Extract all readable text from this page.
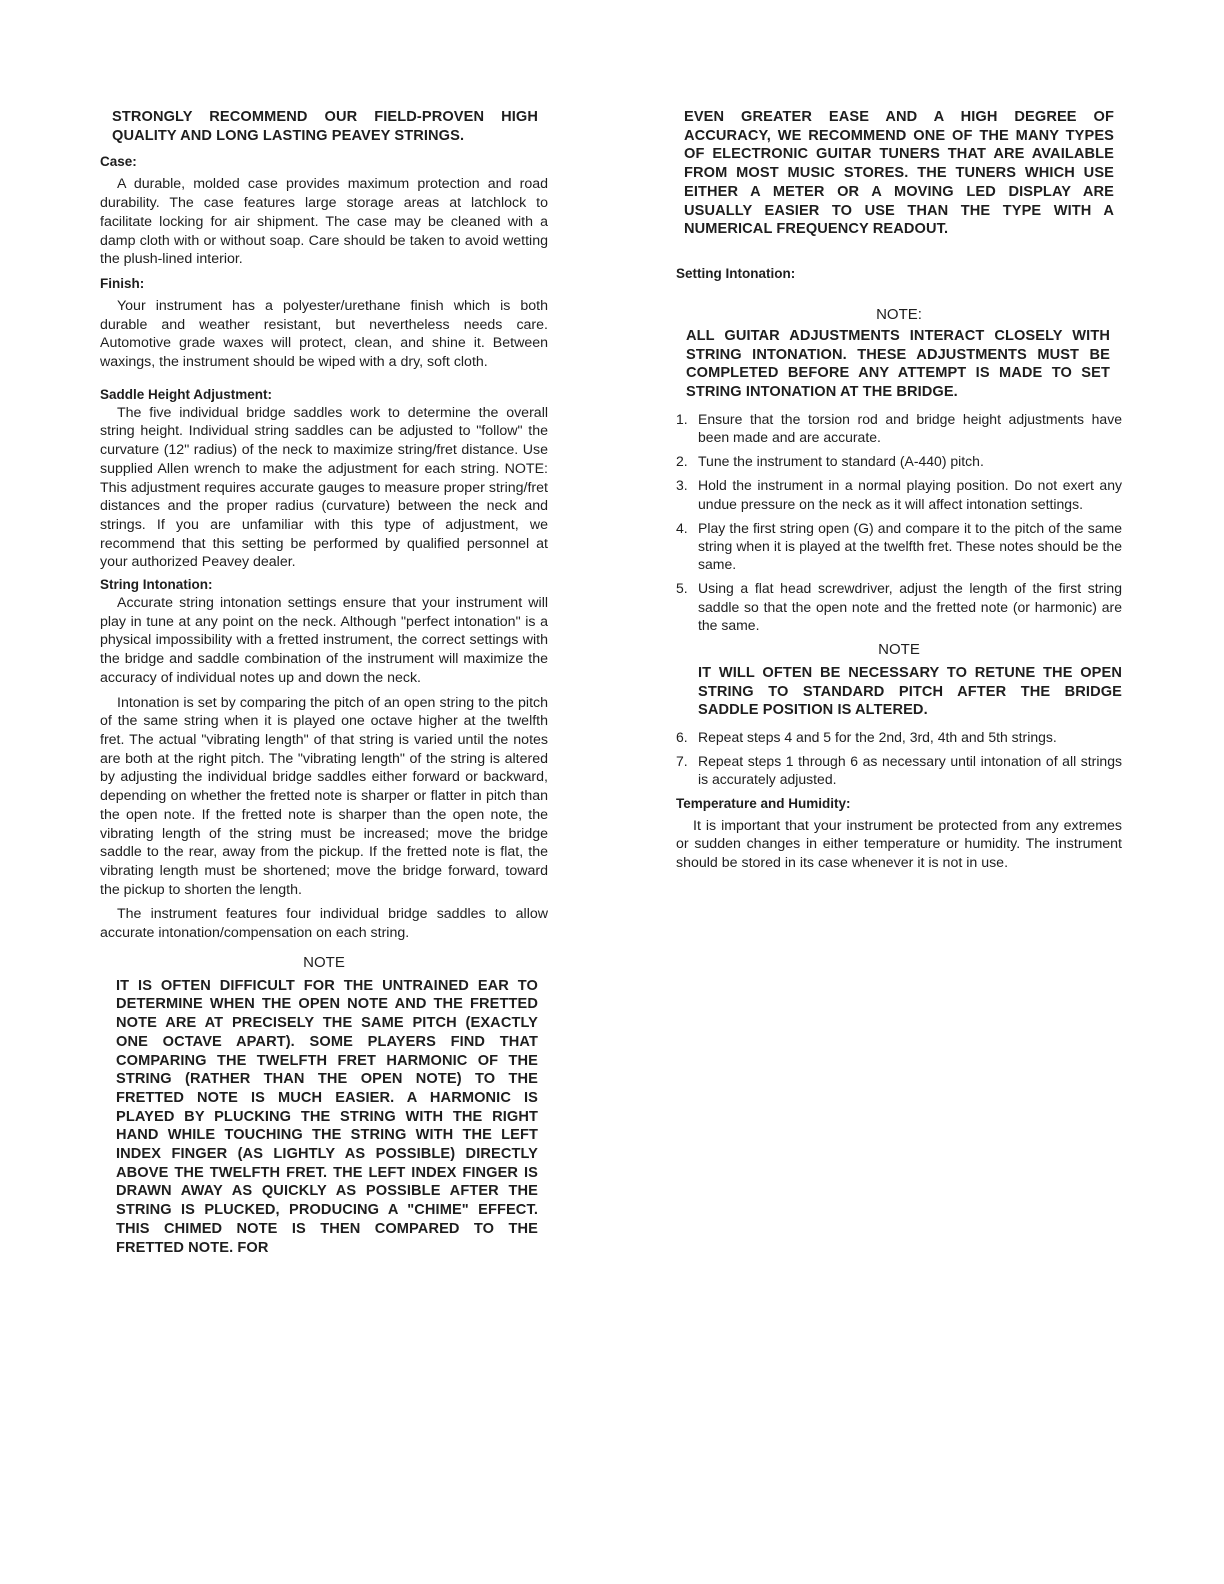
STRONGLY RECOMMEND OUR FIELD-PROVEN HIGH QUALITY AND LONG LASTING PEAVEY STRINGS.

Case:

A durable, molded case provides maximum protection and road durability. The case features large storage areas at latchlock to facilitate locking for air shipment. The case may be cleaned with a damp cloth with or without soap. Care should be taken to avoid wetting the plush-lined interior.

Finish:

Your instrument has a polyester/urethane finish which is both durable and weather resistant, but nevertheless needs care. Automotive grade waxes will protect, clean, and shine it. Between waxings, the instrument should be wiped with a dry, soft cloth.

Saddle Height Adjustment:

The five individual bridge saddles work to determine the overall string height. Individual string saddles can be adjusted to "follow" the curvature (12" radius) of the neck to maximize string/fret distance. Use supplied Allen wrench to make the adjustment for each string. NOTE: This adjustment requires accurate gauges to measure proper string/fret distances and the proper radius (curvature) between the neck and strings. If you are unfamiliar with this type of adjustment, we recommend that this setting be performed by qualified personnel at your authorized Peavey dealer.

String Intonation:

Accurate string intonation settings ensure that your instrument will play in tune at any point on the neck. Although "perfect intonation" is a physical impossibility with a fretted instrument, the correct settings with the bridge and saddle combination of the instrument will maximize the accuracy of individual notes up and down the neck.

Intonation is set by comparing the pitch of an open string to the pitch of the same string when it is played one octave higher at the twelfth fret. The actual "vibrating length" of that string is varied until the notes are both at the right pitch. The "vibrating length" of the string is altered by adjusting the individual bridge saddles either forward or backward, depending on whether the fretted note is sharper or flatter in pitch than the open note. If the fretted note is sharper than the open note, the vibrating length of the string must be increased; move the bridge saddle to the rear, away from the pickup. If the fretted note is flat, the vibrating length must be shortened; move the bridge forward, toward the pickup to shorten the length.

The instrument features four individual bridge saddles to allow accurate intonation/compensation on each string.

NOTE

IT IS OFTEN DIFFICULT FOR THE UNTRAINED EAR TO DETERMINE WHEN THE OPEN NOTE AND THE FRETTED NOTE ARE AT PRECISELY THE SAME PITCH (EXACTLY ONE OCTAVE APART). SOME PLAYERS FIND THAT COMPARING THE TWELFTH FRET HARMONIC OF THE STRING (RATHER THAN THE OPEN NOTE) TO THE FRETTED NOTE IS MUCH EASIER. A HARMONIC IS PLAYED BY PLUCKING THE STRING WITH THE RIGHT HAND WHILE TOUCHING THE STRING WITH THE LEFT INDEX FINGER (AS LIGHTLY AS POSSIBLE) DIRECTLY ABOVE THE TWELFTH FRET. THE LEFT INDEX FINGER IS DRAWN AWAY AS QUICKLY AS POSSIBLE AFTER THE STRING IS PLUCKED, PRODUCING A "CHIME" EFFECT. THIS CHIMED NOTE IS THEN COMPARED TO THE FRETTED NOTE. FOR

EVEN GREATER EASE AND A HIGH DEGREE OF ACCURACY, WE RECOMMEND ONE OF THE MANY TYPES OF ELECTRONIC GUITAR TUNERS THAT ARE AVAILABLE FROM MOST MUSIC STORES. THE TUNERS WHICH USE EITHER A METER OR A MOVING LED DISPLAY ARE USUALLY EASIER TO USE THAN THE TYPE WITH A NUMERICAL FREQUENCY READOUT.

Setting Intonation:

NOTE:

ALL GUITAR ADJUSTMENTS INTERACT CLOSELY WITH STRING INTONATION. THESE ADJUSTMENTS MUST BE COMPLETED BEFORE ANY ATTEMPT IS MADE TO SET STRING INTONATION AT THE BRIDGE.

1. Ensure that the torsion rod and bridge height adjustments have been made and are accurate.
2. Tune the instrument to standard (A-440) pitch.
3. Hold the instrument in a normal playing position. Do not exert any undue pressure on the neck as it will affect intonation settings.
4. Play the first string open (G) and compare it to the pitch of the same string when it is played at the twelfth fret. These notes should be the same.
5. Using a flat head screwdriver, adjust the length of the first string saddle so that the open note and the fretted note (or harmonic) are the same.

NOTE

IT WILL OFTEN BE NECESSARY TO RETUNE THE OPEN STRING TO STANDARD PITCH AFTER THE BRIDGE SADDLE POSITION IS ALTERED.

6. Repeat steps 4 and 5 for the 2nd, 3rd, 4th and 5th strings.
7. Repeat steps 1 through 6 as necessary until intonation of all strings is accurately adjusted.

Temperature and Humidity:

It is important that your instrument be protected from any extremes or sudden changes in either temperature or humidity. The instrument should be stored in its case whenever it is not in use.
